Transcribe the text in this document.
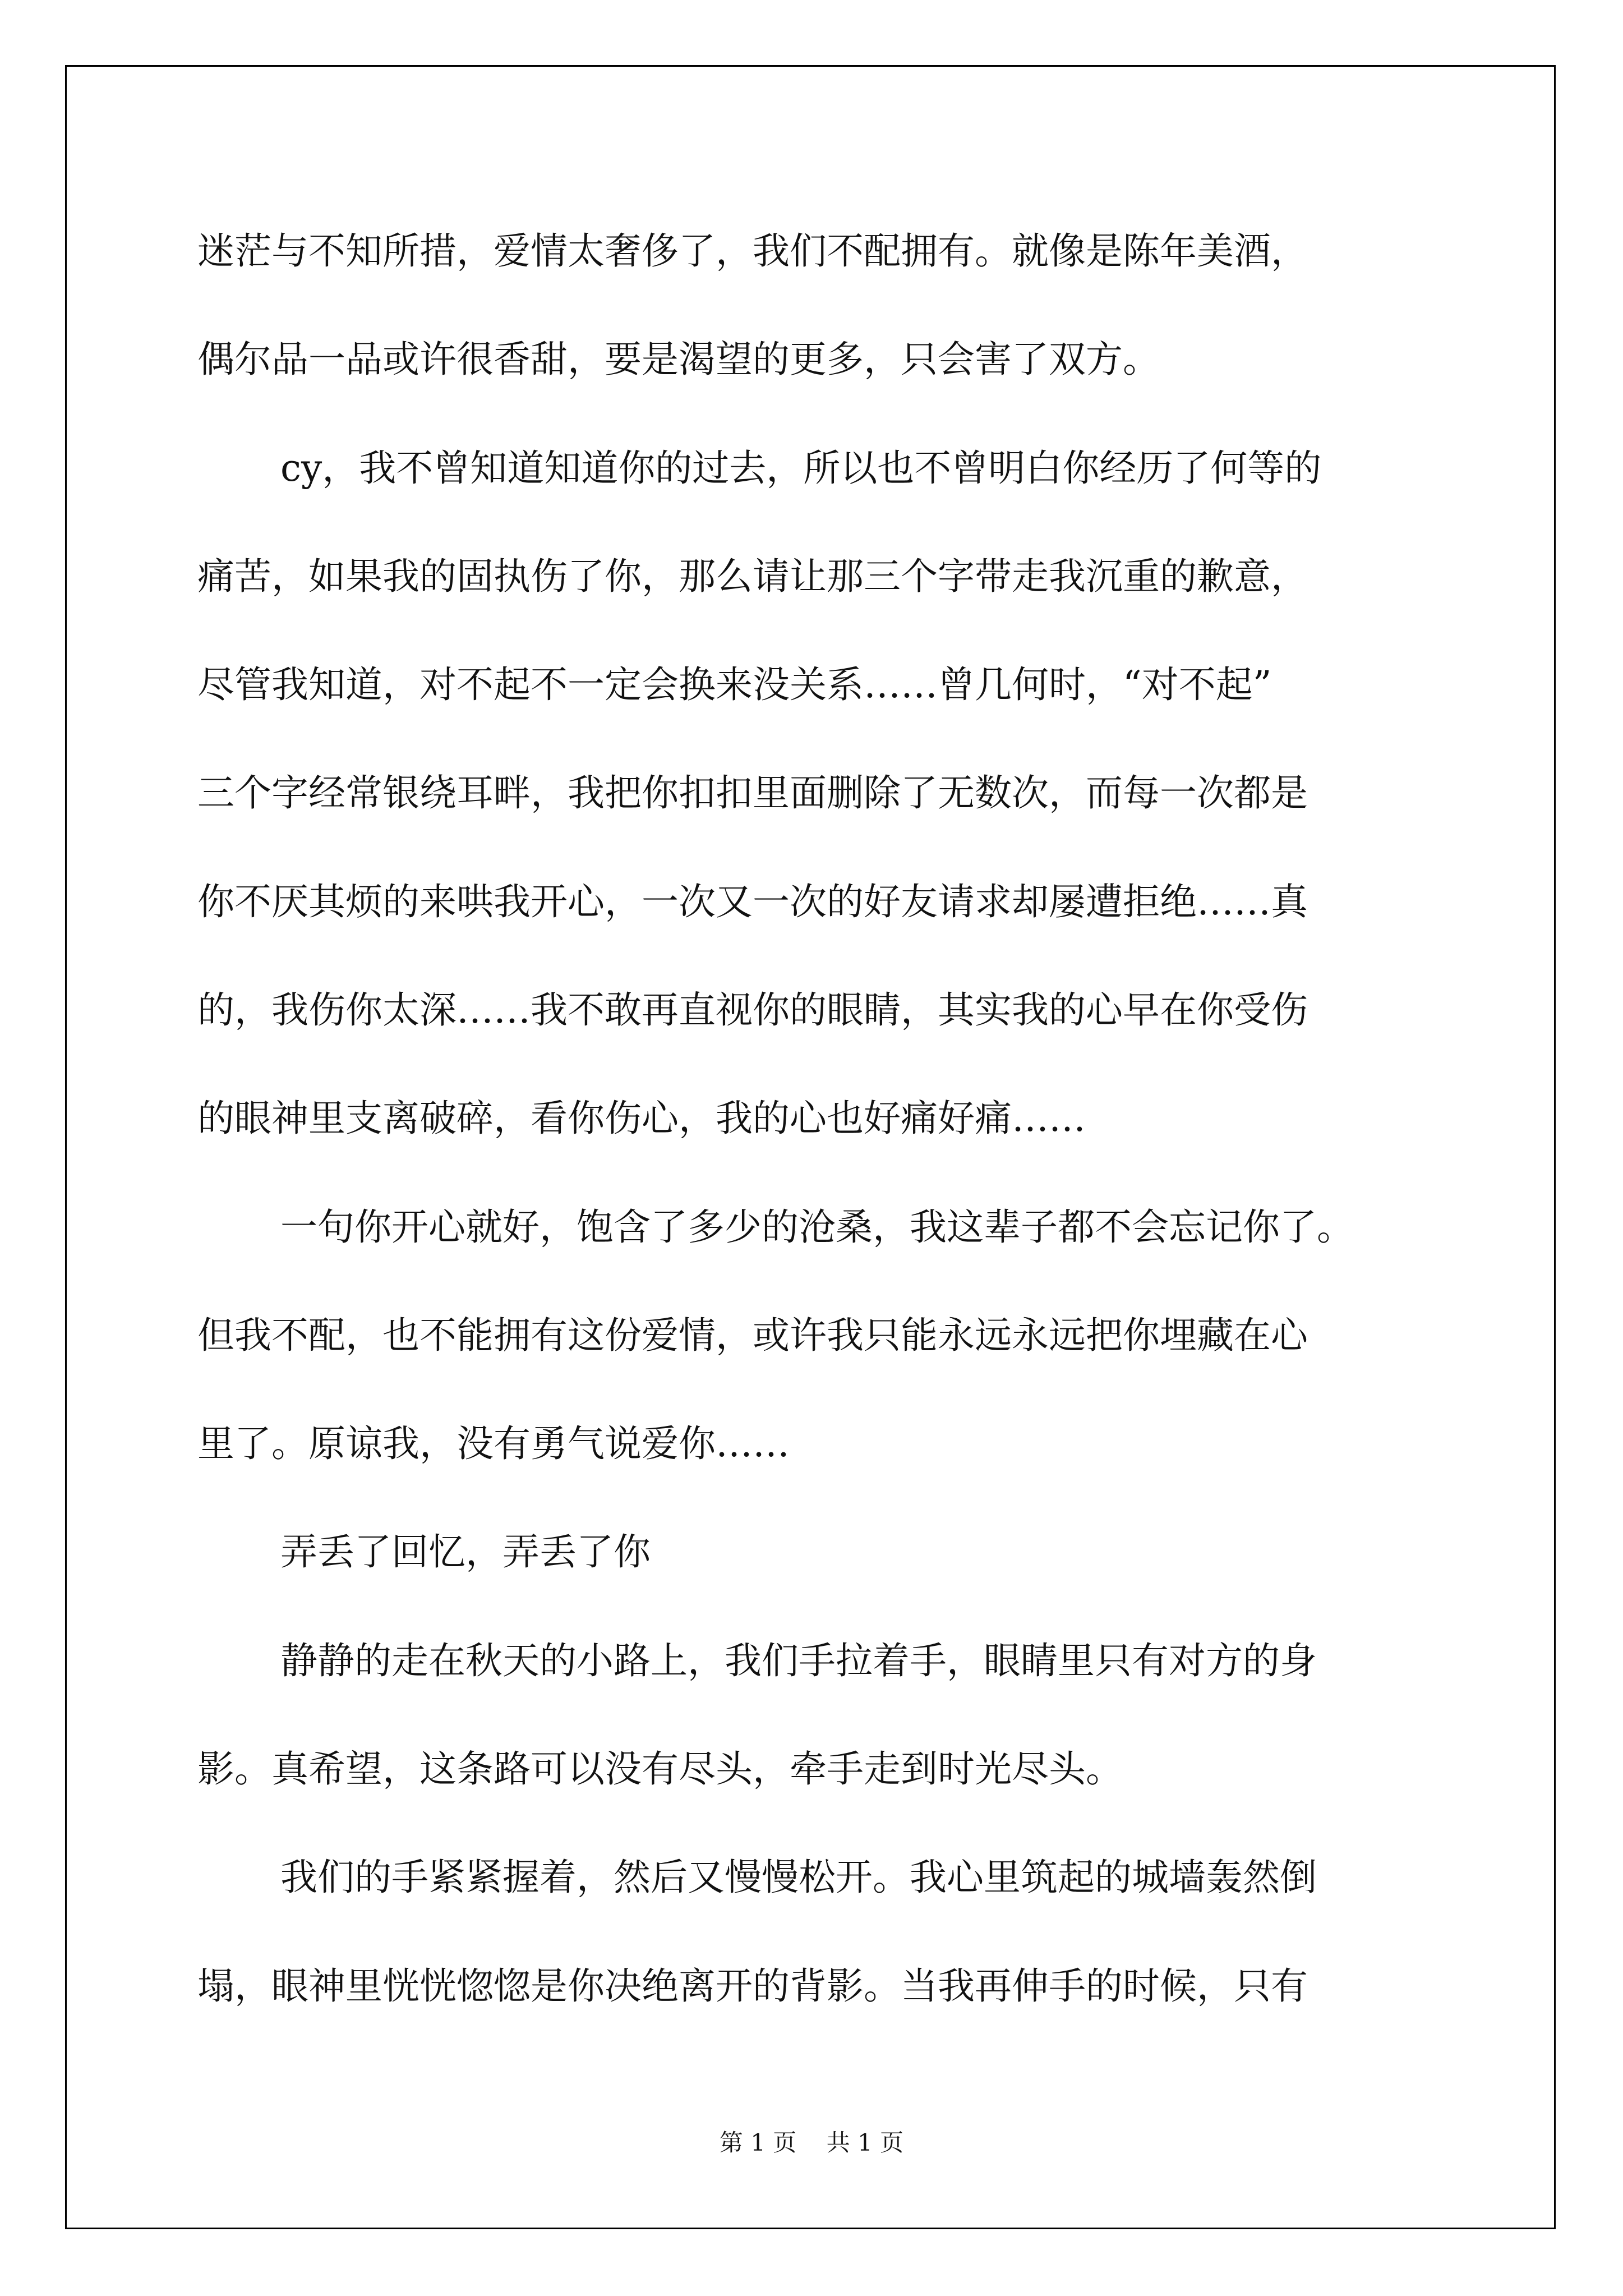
迷茫与不知所措，爱情太奢侈了，我们不配拥有。就像是陈年美酒，
偶尔品一品或许很香甜，要是渴望的更多，只会害了双方。
cy，我不曾知道知道你的过去，所以也不曾明白你经历了何等的
痛苦，如果我的固执伤了你，那么请让那三个字带走我沉重的歉意，
尽管我知道，对不起不一定会换来没关系……曾几何时，“对不起”
三个字经常银绕耳畔，我把你扣扣里面删除了无数次，而每一次都是
你不厌其烦的来哄我开心，一次又一次的好友请求却屡遭拒绝……真
的，我伤你太深……我不敢再直视你的眼睛，其实我的心早在你受伤
的眼神里支离破碎，看你伤心，我的心也好痛好痛……
一句你开心就好，饱含了多少的沧桑，我这辈子都不会忘记你了。
但我不配，也不能拥有这份爱情，或许我只能永远永远把你埋藏在心
里了。原谅我，没有勇气说爱你……
弄丢了回忆，弄丢了你
静静的走在秋天的小路上，我们手拉着手，眼睛里只有对方的身
影。真希望，这条路可以没有尽头，牵手走到时光尽头。
我们的手紧紧握着，然后又慢慢松开。我心里筑起的城墙轰然倒
塌，眼神里恍恍惚惚是你决绝离开的背影。当我再伸手的时候，只有
第 1 页    共 1 页
